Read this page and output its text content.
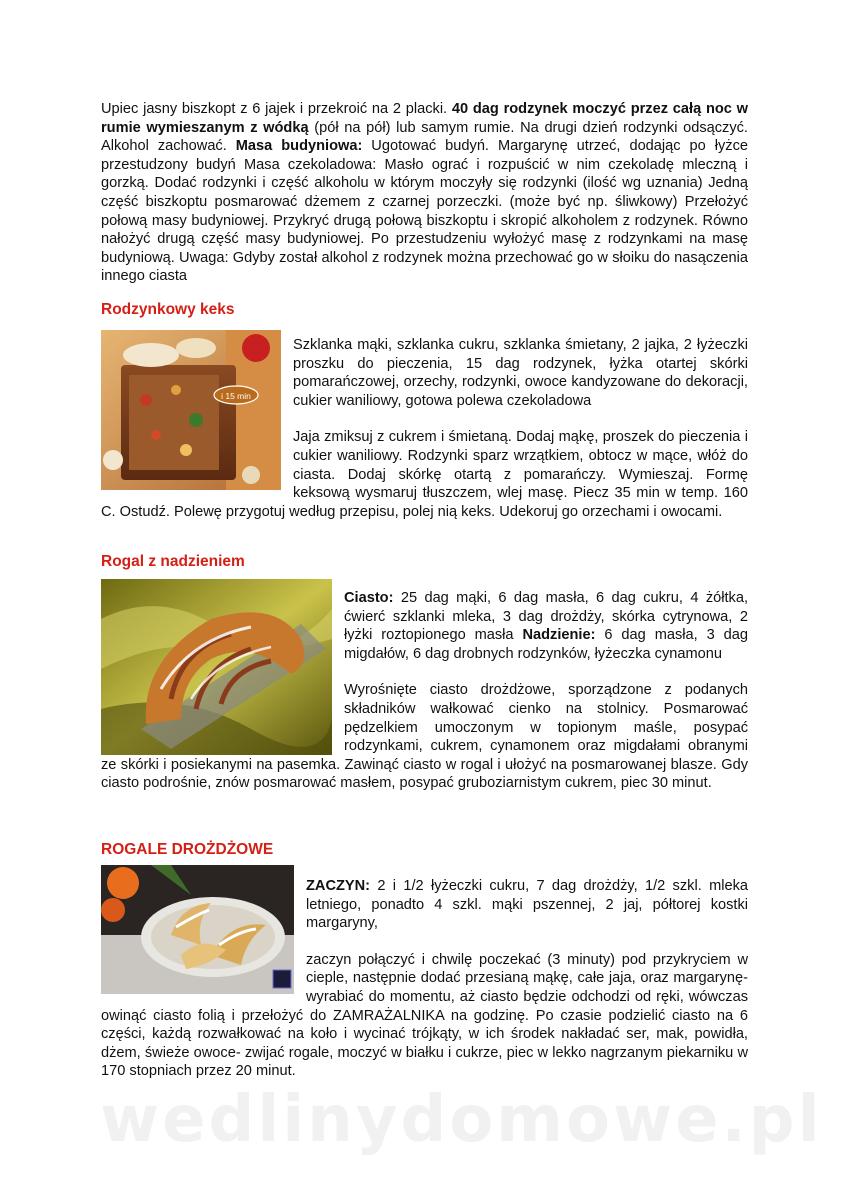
Upiec jasny biszkopt z 6 jajek i przekroić na 2 placki. 40 dag rodzynek moczyć przez całą noc w rumie wymieszanym z wódką (pół na pół) lub samym rumie. Na drugi dzień rodzynki odsączyć. Alkohol zachować. Masa budyniowa: Ugotować budyń. Margarynę utrzeć, dodając po łyżce przestudzony budyń Masa czekoladowa: Masło ograć i rozpuścić w nim czekoladę mleczną i gorzką. Dodać rodzynki i część alkoholu w którym moczyły się rodzynki (ilość wg uznania) Jedną część biszkoptu posmarować dżemem z czarnej porzeczki. (może być np. śliwkowy) Przełożyć połową masy budyniowej. Przykryć drugą połową biszkoptu i skropić alkoholem z rodzynek. Równo nałożyć drugą część masy budyniowej. Po przestudzeniu wyłożyć masę z rodzynkami na masę budyniową. Uwaga: Gdyby został alkohol z rodzynek można przechować go w słoiku do nasączenia innego ciasta

Rodzynkowy keks
i 15 min
Szklanka mąki, szklanka cukru, szklanka śmietany, 2 jajka, 2 łyżeczki proszku do pieczenia, 15 dag rodzynek, łyżka otartej skórki pomarańczowej, orzechy, rodzynki, owoce kandyzowane do dekoracji, cukier waniliowy, gotowa polewa czekoladowa
Jaja zmiksuj z cukrem i śmietaną. Dodaj mąkę, proszek do pieczenia i cukier waniliowy. Rodzynki sparz wrzątkiem, obtocz w mące, włóż do ciasta. Dodaj skórkę otartą z pomarańczy. Wymieszaj. Formę keksową wysmaruj tłuszczem, wlej masę. Piecz 35 min w temp. 160 C. Ostudź. Polewę przygotuj według przepisu, polej nią keks. Udekoruj go orzechami i owocami.
Rogal z nadzieniem
Ciasto: 25 dag mąki, 6 dag masła, 6 dag cukru, 4 żółtka, ćwierć szklanki mleka, 3 dag drożdży, skórka cytrynowa, 2 łyżki roztopionego masła Nadzienie: 6 dag masła, 3 dag migdałów, 6 dag drobnych rodzynków, łyżeczka cynamonu
Wyrośnięte ciasto drożdżowe, sporządzone z podanych składników wałkować cienko na stolnicy. Posmarować pędzelkiem umoczonym w topionym maśle, posypać rodzynkami, cukrem, cynamonem oraz migdałami obranymi ze skórki i posiekanymi na pasemka. Zawinąć ciasto w rogal i ułożyć na posmarowanej blasze. Gdy ciasto podrośnie, znów posmarować masłem, posypać gruboziarnistym cukrem, piec 30 minut.
ROGALE DROŻDŻOWE
ZACZYN: 2 i 1/2 łyżeczki cukru, 7 dag drożdży, 1/2 szkl. mleka letniego, ponadto 4 szkl. mąki pszennej, 2 jaj, półtorej kostki margaryny,
zaczyn połączyć i chwilę poczekać (3 minuty) pod przykryciem w cieple, następnie dodać przesianą mąkę, całe jaja, oraz margarynę- wyrabiać do momentu, aż ciasto będzie odchodzi od ręki, wówczas owinąć ciasto folią i przełożyć do ZAMRAŻALNIKA na godzinę. Po czasie podzielić ciasto na 6 części, każdą rozwałkować na koło i wycinać trójkąty, w ich środek nakładać ser, mak, powidła, dżem, świeże owoce- zwijać rogale, moczyć w białku i cukrze, piec w lekko nagrzanym piekarniku w 170 stopniach przez 20 minut.
wedlinydomowe.pl
